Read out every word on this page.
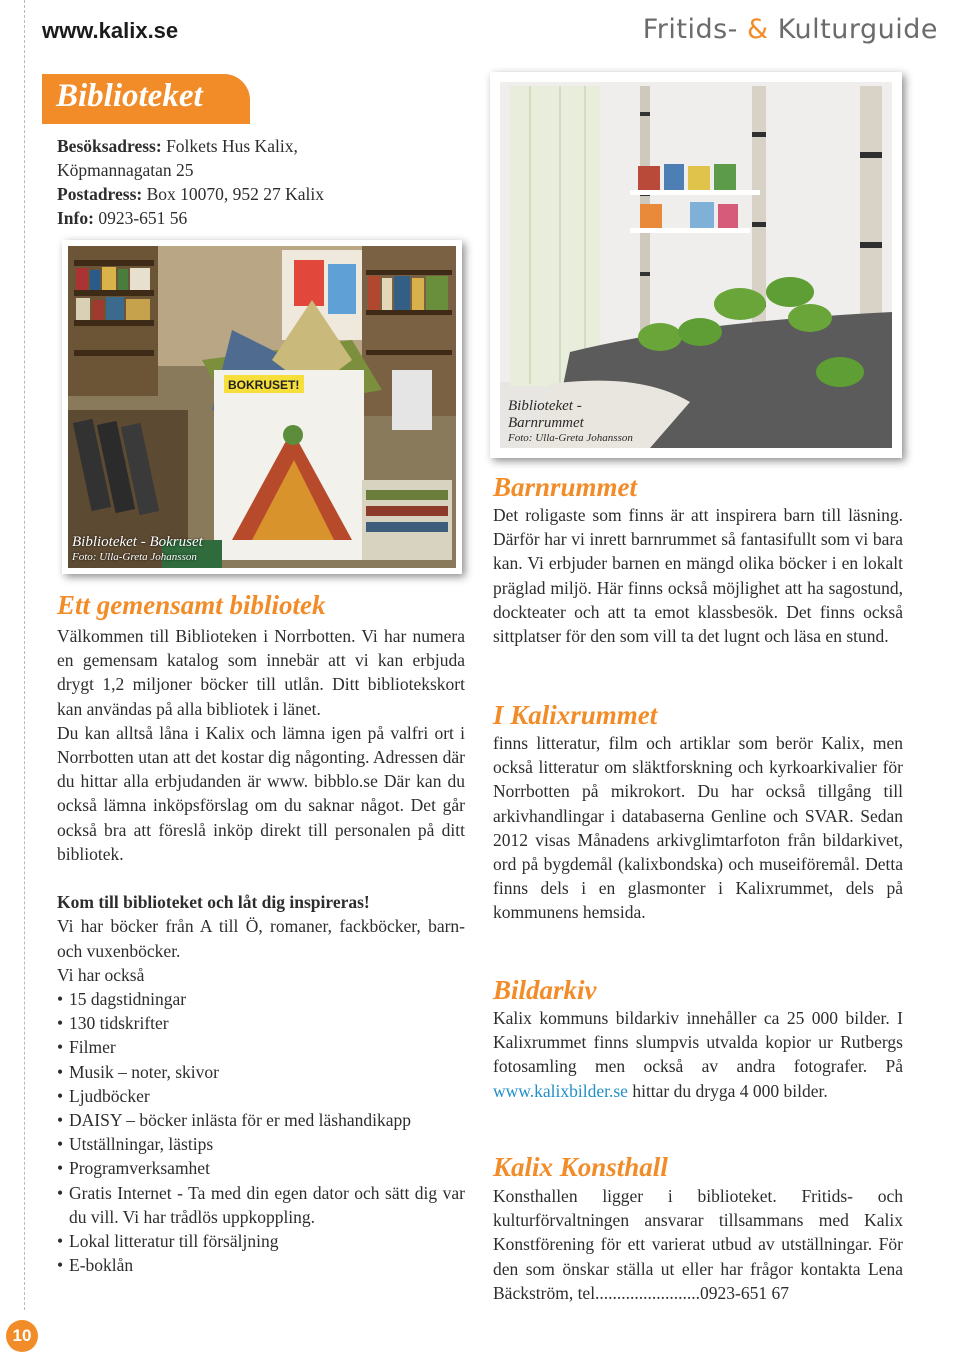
www.kalix.se	Fritids- & Kulturguide
Biblioteket
Besöksadress: Folkets Hus Kalix,
Köpmannagatan 25
Postadress: Box 10070, 952 27 Kalix
Info: 0923-651 56
BOKRUSET!
Biblioteket - Bokruset
Foto: Ulla-Greta Johansson
Biblioteket -
Barnrummet
Foto: Ulla-Greta Johansson
Ett gemensamt bibliotek

Välkommen till Biblioteken i Norrbotten. Vi har numera en gemensam katalog som innebär att vi kan erbjuda drygt 1,2 miljoner böcker till utlån. Ditt bibliotekskort kan användas på alla bibliotek i länet.

Du kan alltså låna i Kalix och lämna igen på valfri ort i Norrbotten utan att det kostar dig någonting. Adressen där du hittar alla erbjudanden är www. bibblo.se Där kan du också lämna inköpsförslag om du saknar något. Det går också bra att föreslå inköp direkt till personalen på ditt bibliotek.

Kom till biblioteket och låt dig inspireras!

Vi har böcker från A till Ö, romaner, fackböcker, barn- och vuxenböcker.

Vi har också

• 15 dagstidningar
• 130 tidskrifter
• Filmer
• Musik – noter, skivor
• Ljudböcker
• DAISY – böcker inlästa för er med läshandikapp
• Utställningar, lästips
• Programverksamhet
• Gratis Internet - Ta med din egen dator och sätt dig var du vill. Vi har trådlös uppkoppling.
• Lokal litteratur till försäljning
• E-boklån
Barnrummet
Det roligaste som finns är att inspirera barn till läsning. Därför har vi inrett barnrummet så fantasifullt som vi bara kan. Vi erbjuder barnen en mängd olika böcker i en lokalt präglad miljö. Här finns också möjlighet att ha sagostund, dockteater och att ta emot klassbesök. Det finns också sittplatser för den som vill ta det lugnt och läsa en stund.
I Kalixrummet
finns litteratur, film och artiklar som berör Kalix, men också litteratur om släktforskning och kyrkoarkivalier för Norrbotten på mikrokort. Du har också tillgång till arkivhandlingar i databaserna Genline och SVAR. Sedan 2012 visas Månadens arkivglimtarfoton från bildarkivet, ord på bygdemål (kalixbondska) och museiföremål. Detta finns dels i en glasmonter i Kalixrummet, dels på kommunens hemsida.
Bildarkiv
Kalix kommuns bildarkiv innehåller ca 25 000 bilder. I Kalixrummet finns slumpvis utvalda kopior ur Rutbergs fotosamling men också av andra fotografer. På www.kalixbilder.se hittar du dryga 4 000 bilder.
Kalix Konsthall
Konsthallen ligger i biblioteket. Fritids- och kulturförvaltningen ansvarar tillsammans med Kalix Konstförening för ett varierat utbud av utställningar. För den som önskar ställa ut eller har frågor kontakta Lena Bäckström, tel........................0923-651 67
10
